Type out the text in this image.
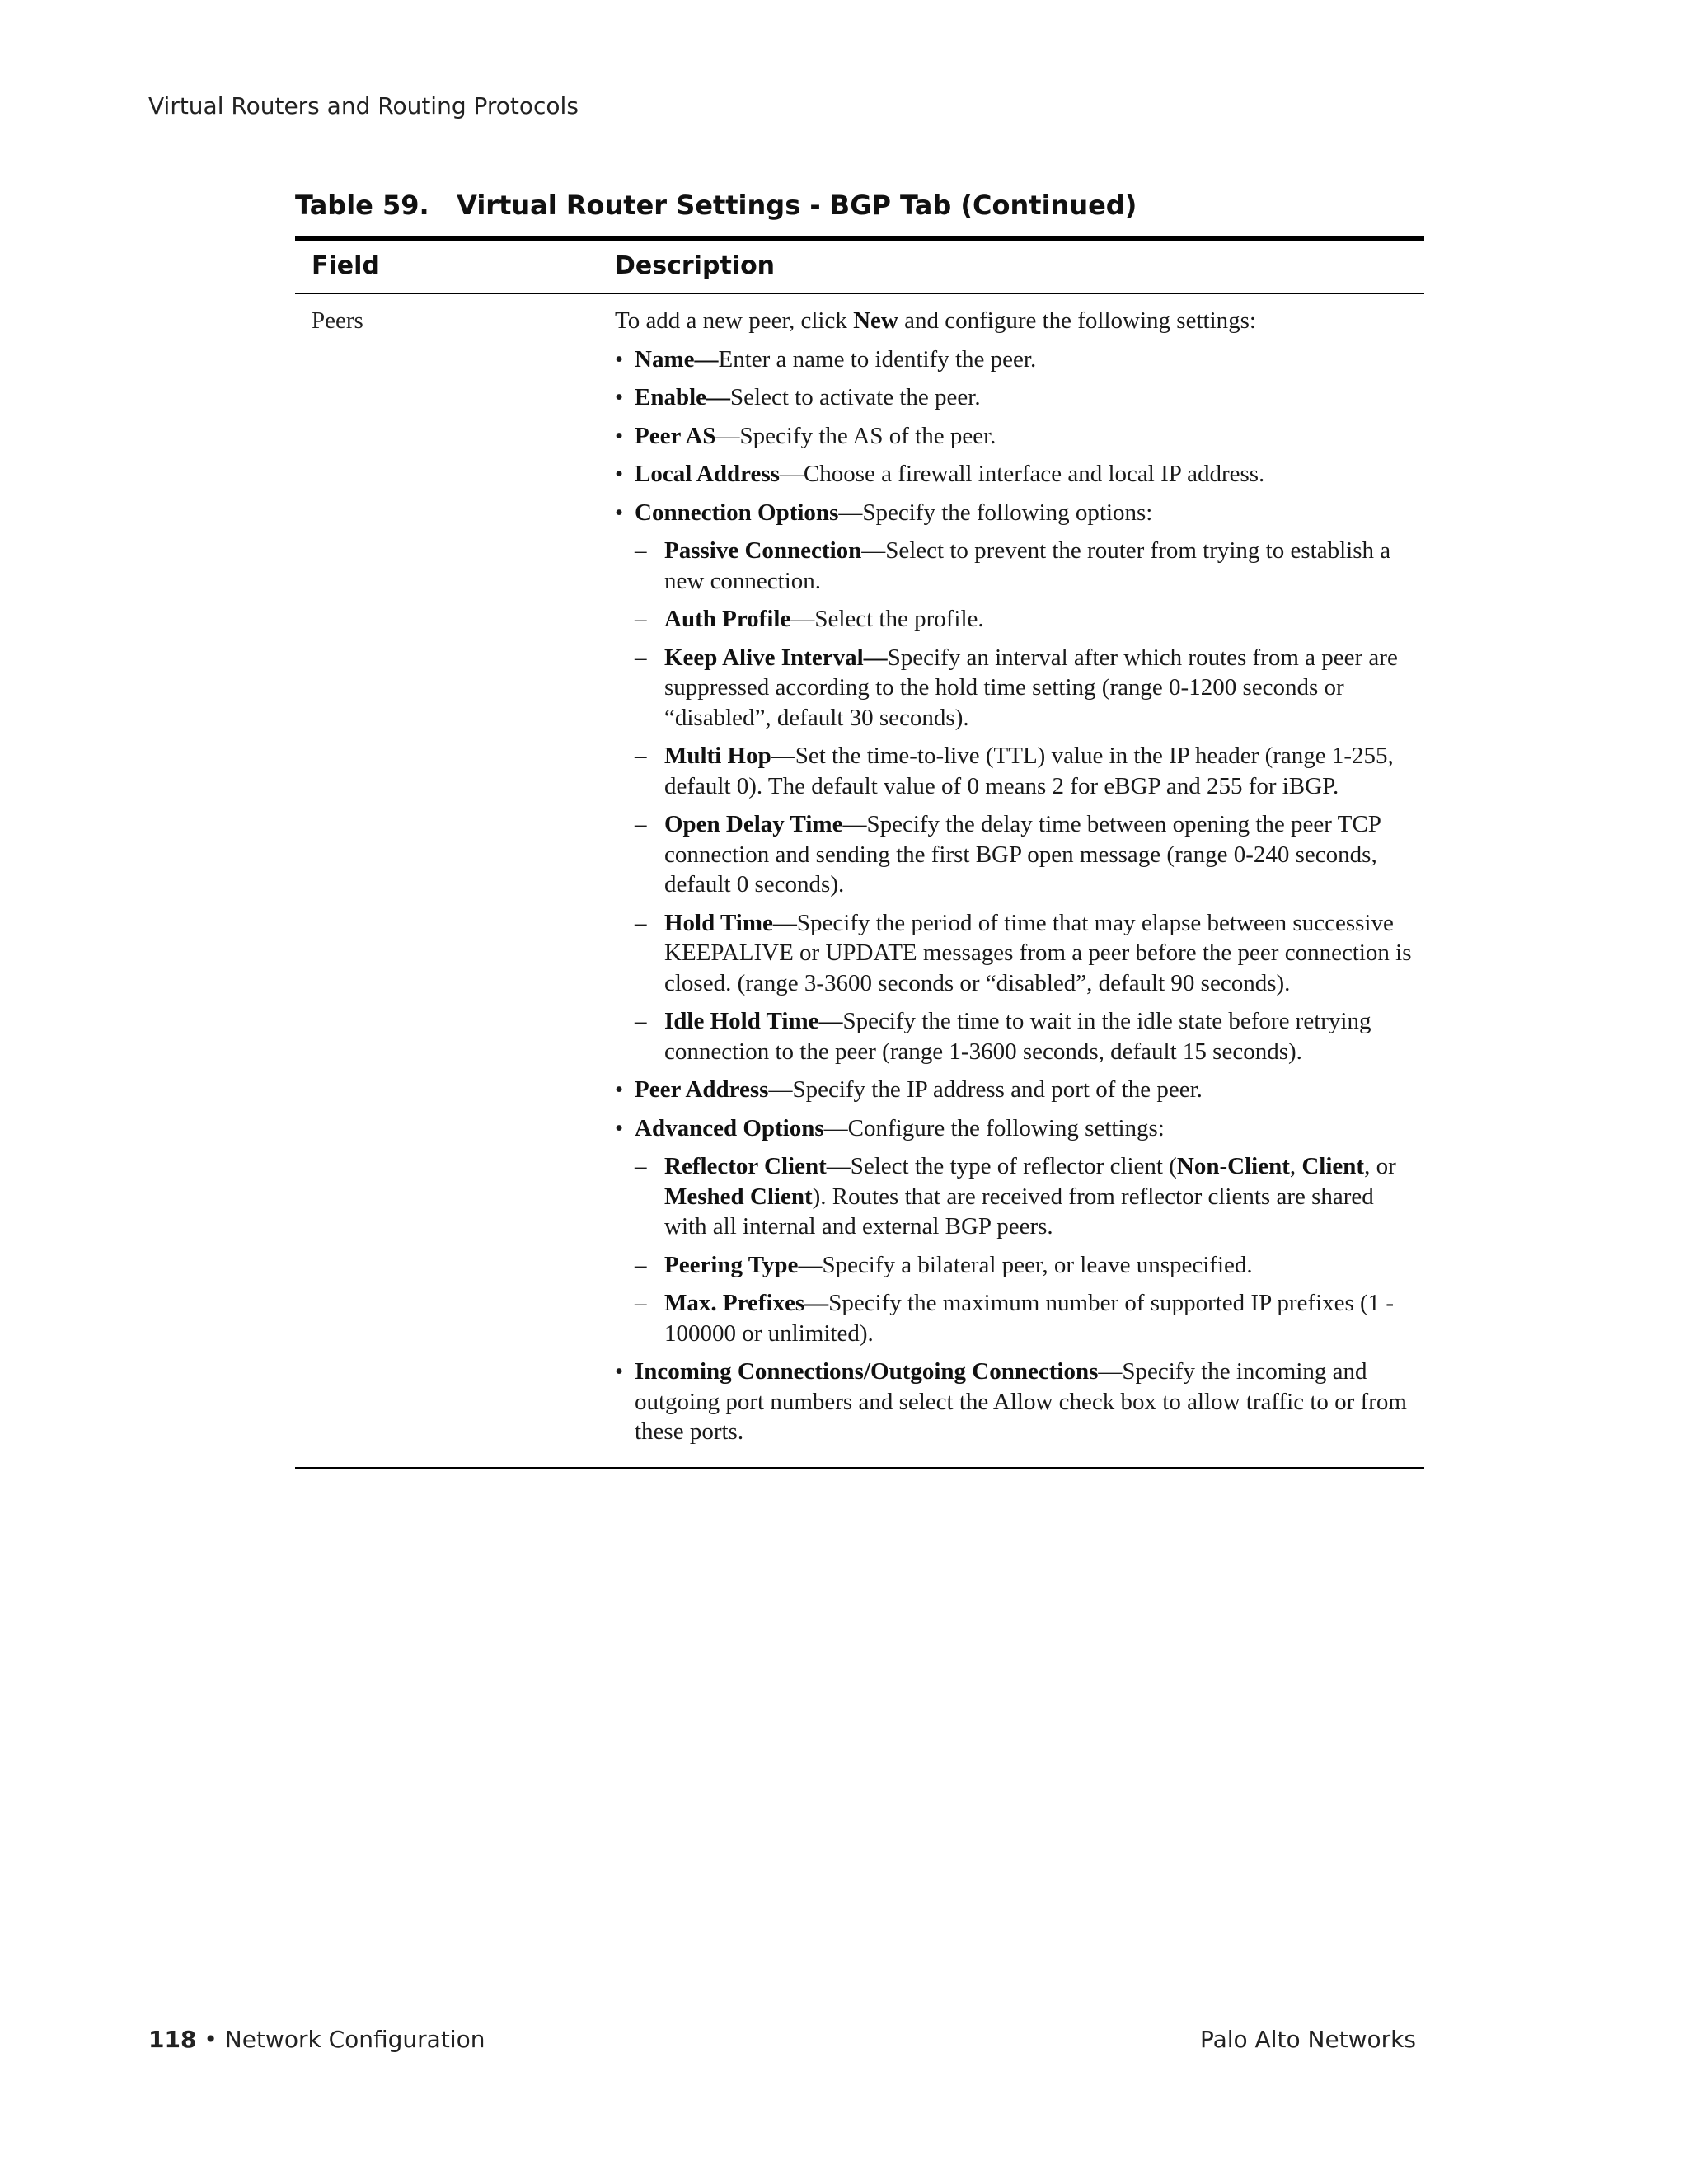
Virtual Routers and Routing Protocols
Table 59.   Virtual Router Settings - BGP Tab (Continued)
Field	Description
Peers	To add a new peer, click New and configure the following settings:
• Name—Enter a name to identify the peer.
• Enable—Select to activate the peer.
• Peer AS—Specify the AS of the peer.
• Local Address—Choose a firewall interface and local IP address.
• Connection Options—Specify the following options:
– Passive Connection—Select to prevent the router from trying to establish a new connection.
– Auth Profile—Select the profile.
– Keep Alive Interval—Specify an interval after which routes from a peer are suppressed according to the hold time setting (range 0-1200 seconds or “disabled”, default 30 seconds).
– Multi Hop—Set the time-to-live (TTL) value in the IP header (range 1-255, default 0). The default value of 0 means 2 for eBGP and 255 for iBGP.
– Open Delay Time—Specify the delay time between opening the peer TCP connection and sending the first BGP open message (range 0-240 seconds, default 0 seconds).
– Hold Time—Specify the period of time that may elapse between successive KEEPALIVE or UPDATE messages from a peer before the peer connection is closed. (range 3-3600 seconds or “disabled”, default 90 seconds).
– Idle Hold Time—Specify the time to wait in the idle state before retrying connection to the peer (range 1-3600 seconds, default 15 seconds).
• Peer Address—Specify the IP address and port of the peer.
• Advanced Options—Configure the following settings:
– Reflector Client—Select the type of reflector client (Non-Client, Client, or Meshed Client). Routes that are received from reflector clients are shared with all internal and external BGP peers.
– Peering Type—Specify a bilateral peer, or leave unspecified.
– Max. Prefixes—Specify the maximum number of supported IP prefixes (1 - 100000 or unlimited).
• Incoming Connections/Outgoing Connections—Specify the incoming and outgoing port numbers and select the Allow check box to allow traffic to or from these ports.
118 • Network Configuration	Palo Alto Networks
